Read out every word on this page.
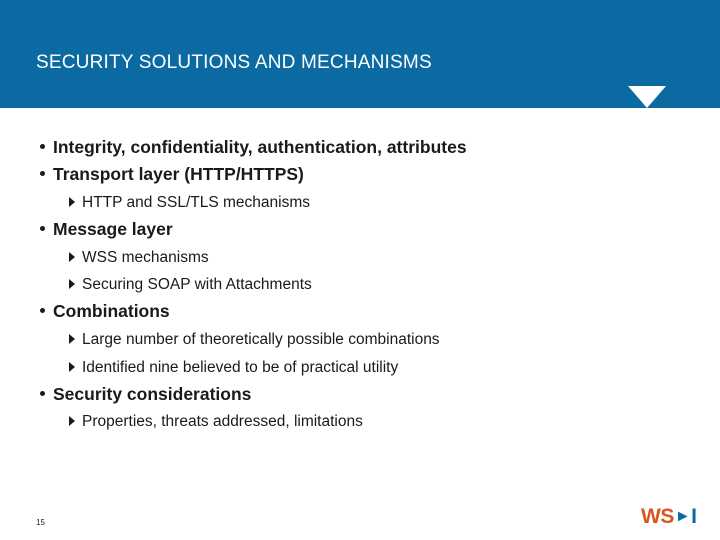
SECURITY SOLUTIONS AND MECHANISMS
Integrity, confidentiality, authentication, attributes
Transport layer (HTTP/HTTPS)
HTTP and SSL/TLS mechanisms
Message layer
WSS mechanisms
Securing SOAP with Attachments
Combinations
Large number of theoretically possible combinations
Identified nine believed to be of practical utility
Security considerations
Properties, threats addressed, limitations
15	WS►I
